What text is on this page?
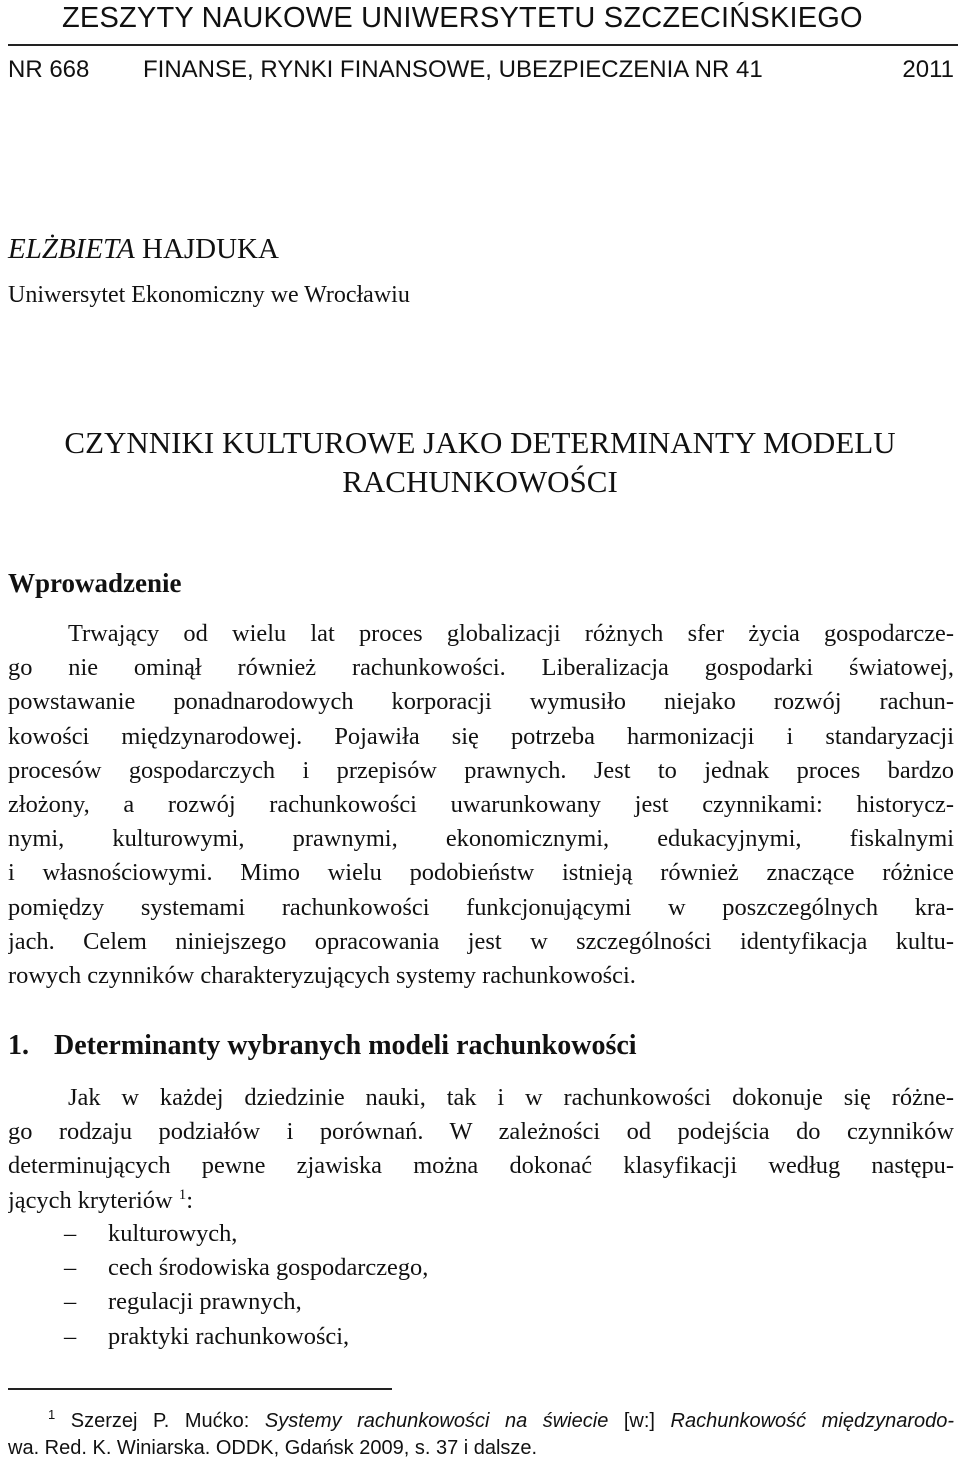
ZESZYTY NAUKOWE UNIWERSYTETU SZCZECIŃSKIEGO
NR 668 FINANSE, RYNKI FINANSOWE, UBEZPIECZENIA NR 41	2011
ELŻBIETA HAJDUKA
Uniwersytet Ekonomiczny we Wrocławiu
CZYNNIKI KULTUROWE JAKO DETERMINANTY MODELU
RACHUNKOWOŚCI
Wprowadzenie
Trwający od wielu lat proces globalizacji różnych sfer życia gospodarcze-
go nie ominął również rachunkowości. Liberalizacja gospodarki światowej,
powstawanie ponadnarodowych korporacji wymusiło niejako rozwój rachun-
kowości międzynarodowej. Pojawiła się potrzeba harmonizacji i standaryzacji
procesów gospodarczych i przepisów prawnych. Jest to jednak proces bardzo
złożony, a rozwój rachunkowości uwarunkowany jest czynnikami: historycz-
nymi, kulturowymi, prawnymi, ekonomicznymi, edukacyjnymi, fiskalnymi
i własnościowymi. Mimo wielu podobieństw istnieją również znaczące różnice
pomiędzy systemami rachunkowości funkcjonującymi w poszczególnych kra-
jach. Celem niniejszego opracowania jest w szczególności identyfikacja kultu-
rowych czynników charakteryzujących systemy rachunkowości.
1. Determinanty wybranych modeli rachunkowości
Jak w każdej dziedzinie nauki, tak i w rachunkowości dokonuje się różne-
go rodzaju podziałów i porównań. W zależności od podejścia do czynników
determinujących pewne zjawiska można dokonać klasyfikacji według następu-
jących kryteriów $^1$:
– kulturowych,
– cech środowiska gospodarczego,
– regulacji prawnych,
– praktyki rachunkowości,
$^1$ Szerzej P. Mućko: Systemy rachunkowości na świecie [w:] Rachunkowość międzynarodo-
wa. Red. K. Winiarska. ODDK, Gdańsk 2009, s. 37 i dalsze.
